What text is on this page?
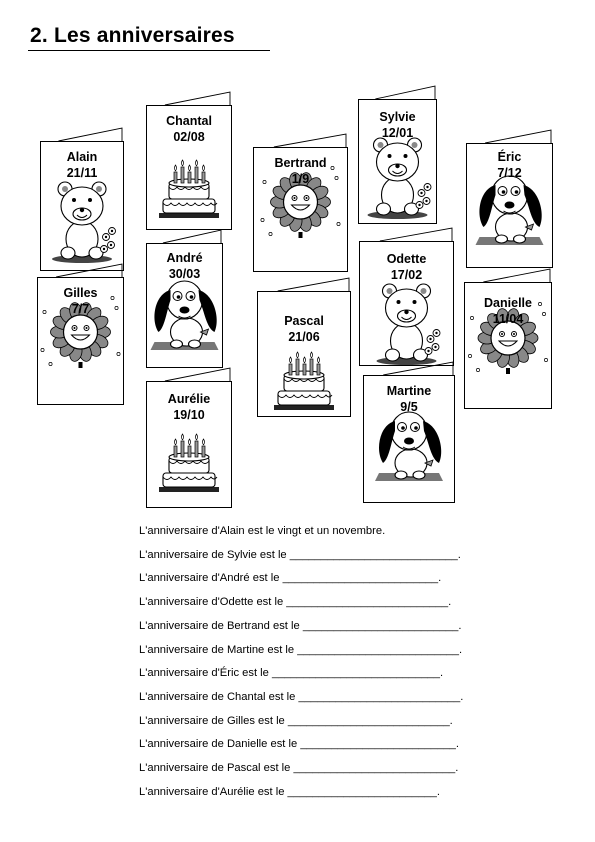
2. Les anniversaires
Alain
21/11
Chantal
02/08
Bertrand
1/9
Sylvie
12/01
Éric
7/12
André
30/03
Gilles
7/7
Odette
17/02
Pascal
21/06
Danielle
11/04
Aurélie
19/10
Martine
9/5
L'anniversaire d'Alain est le vingt et un novembre.
L'anniversaire de Sylvie est le ___________________________.
L'anniversaire d'André est le _________________________.
L'anniversaire d'Odette est le __________________________.
L'anniversaire de Bertrand est le _________________________.
L'anniversaire de Martine est le __________________________.
L'anniversaire d'Éric est le ___________________________.
L'anniversaire de Chantal est le __________________________.
L'anniversaire de Gilles est le __________________________.
L'anniversaire de Danielle est le _________________________.
L'anniversaire de Pascal est le __________________________.
L'anniversaire d'Aurélie est le ________________________.
